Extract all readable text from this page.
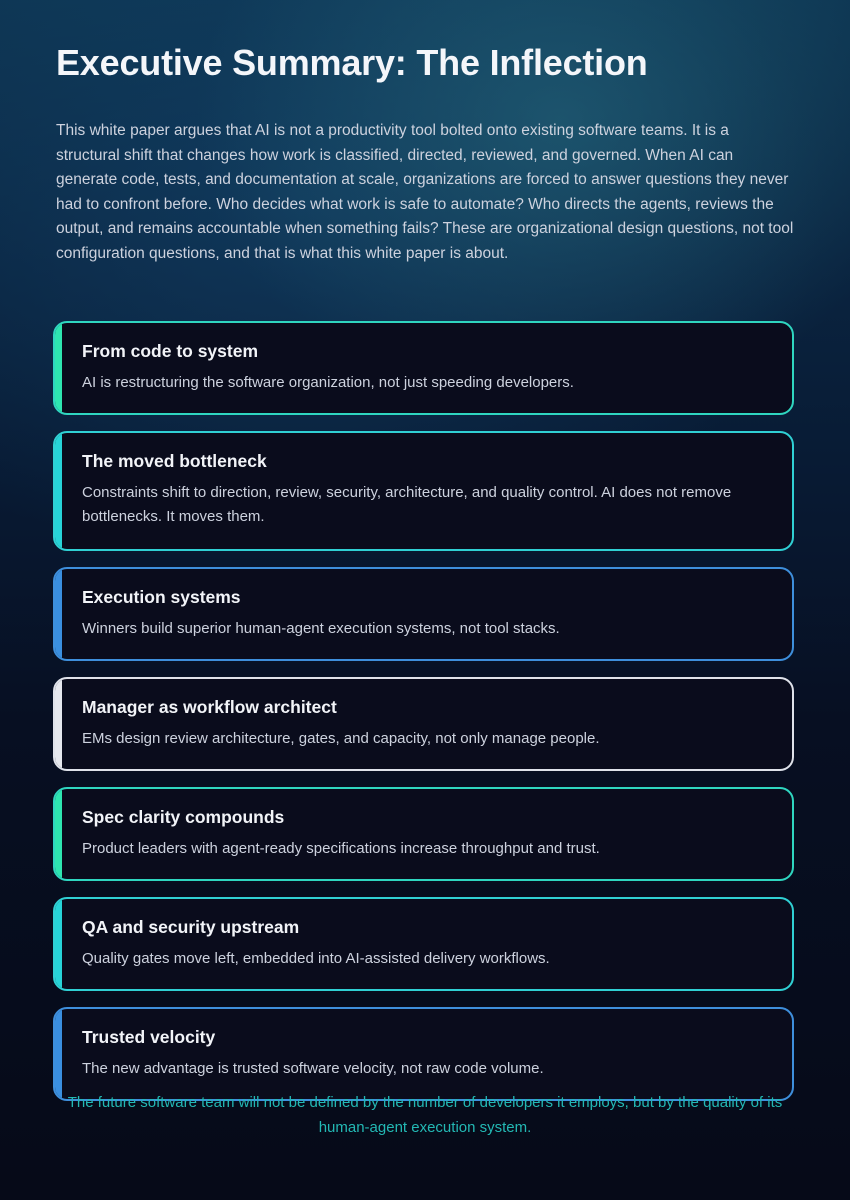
Executive Summary: The Inflection

This white paper argues that AI is not a productivity tool bolted onto existing software teams. It is a structural shift that changes how work is classified, directed, reviewed, and governed. When AI can generate code, tests, and documentation at scale, organizations are forced to answer questions they never had to confront before. Who decides what work is safe to automate? Who directs the agents, reviews the output, and remains accountable when something fails? These are organizational design questions, not tool configuration questions, and that is what this white paper is about.

From code to system

AI is restructuring the software organization, not just speeding developers.

The moved bottleneck

Constraints shift to direction, review, security, architecture, and quality control. AI does not remove bottlenecks. It moves them.

Execution systems

Winners build superior human-agent execution systems, not tool stacks.

Manager as workflow architect

EMs design review architecture, gates, and capacity, not only manage people.

Spec clarity compounds

Product leaders with agent-ready specifications increase throughput and trust.

QA and security upstream

Quality gates move left, embedded into AI-assisted delivery workflows.

Trusted velocity

The new advantage is trusted software velocity, not raw code volume.

The future software team will not be defined by the number of developers it employs, but by the quality of its human-agent execution system.
